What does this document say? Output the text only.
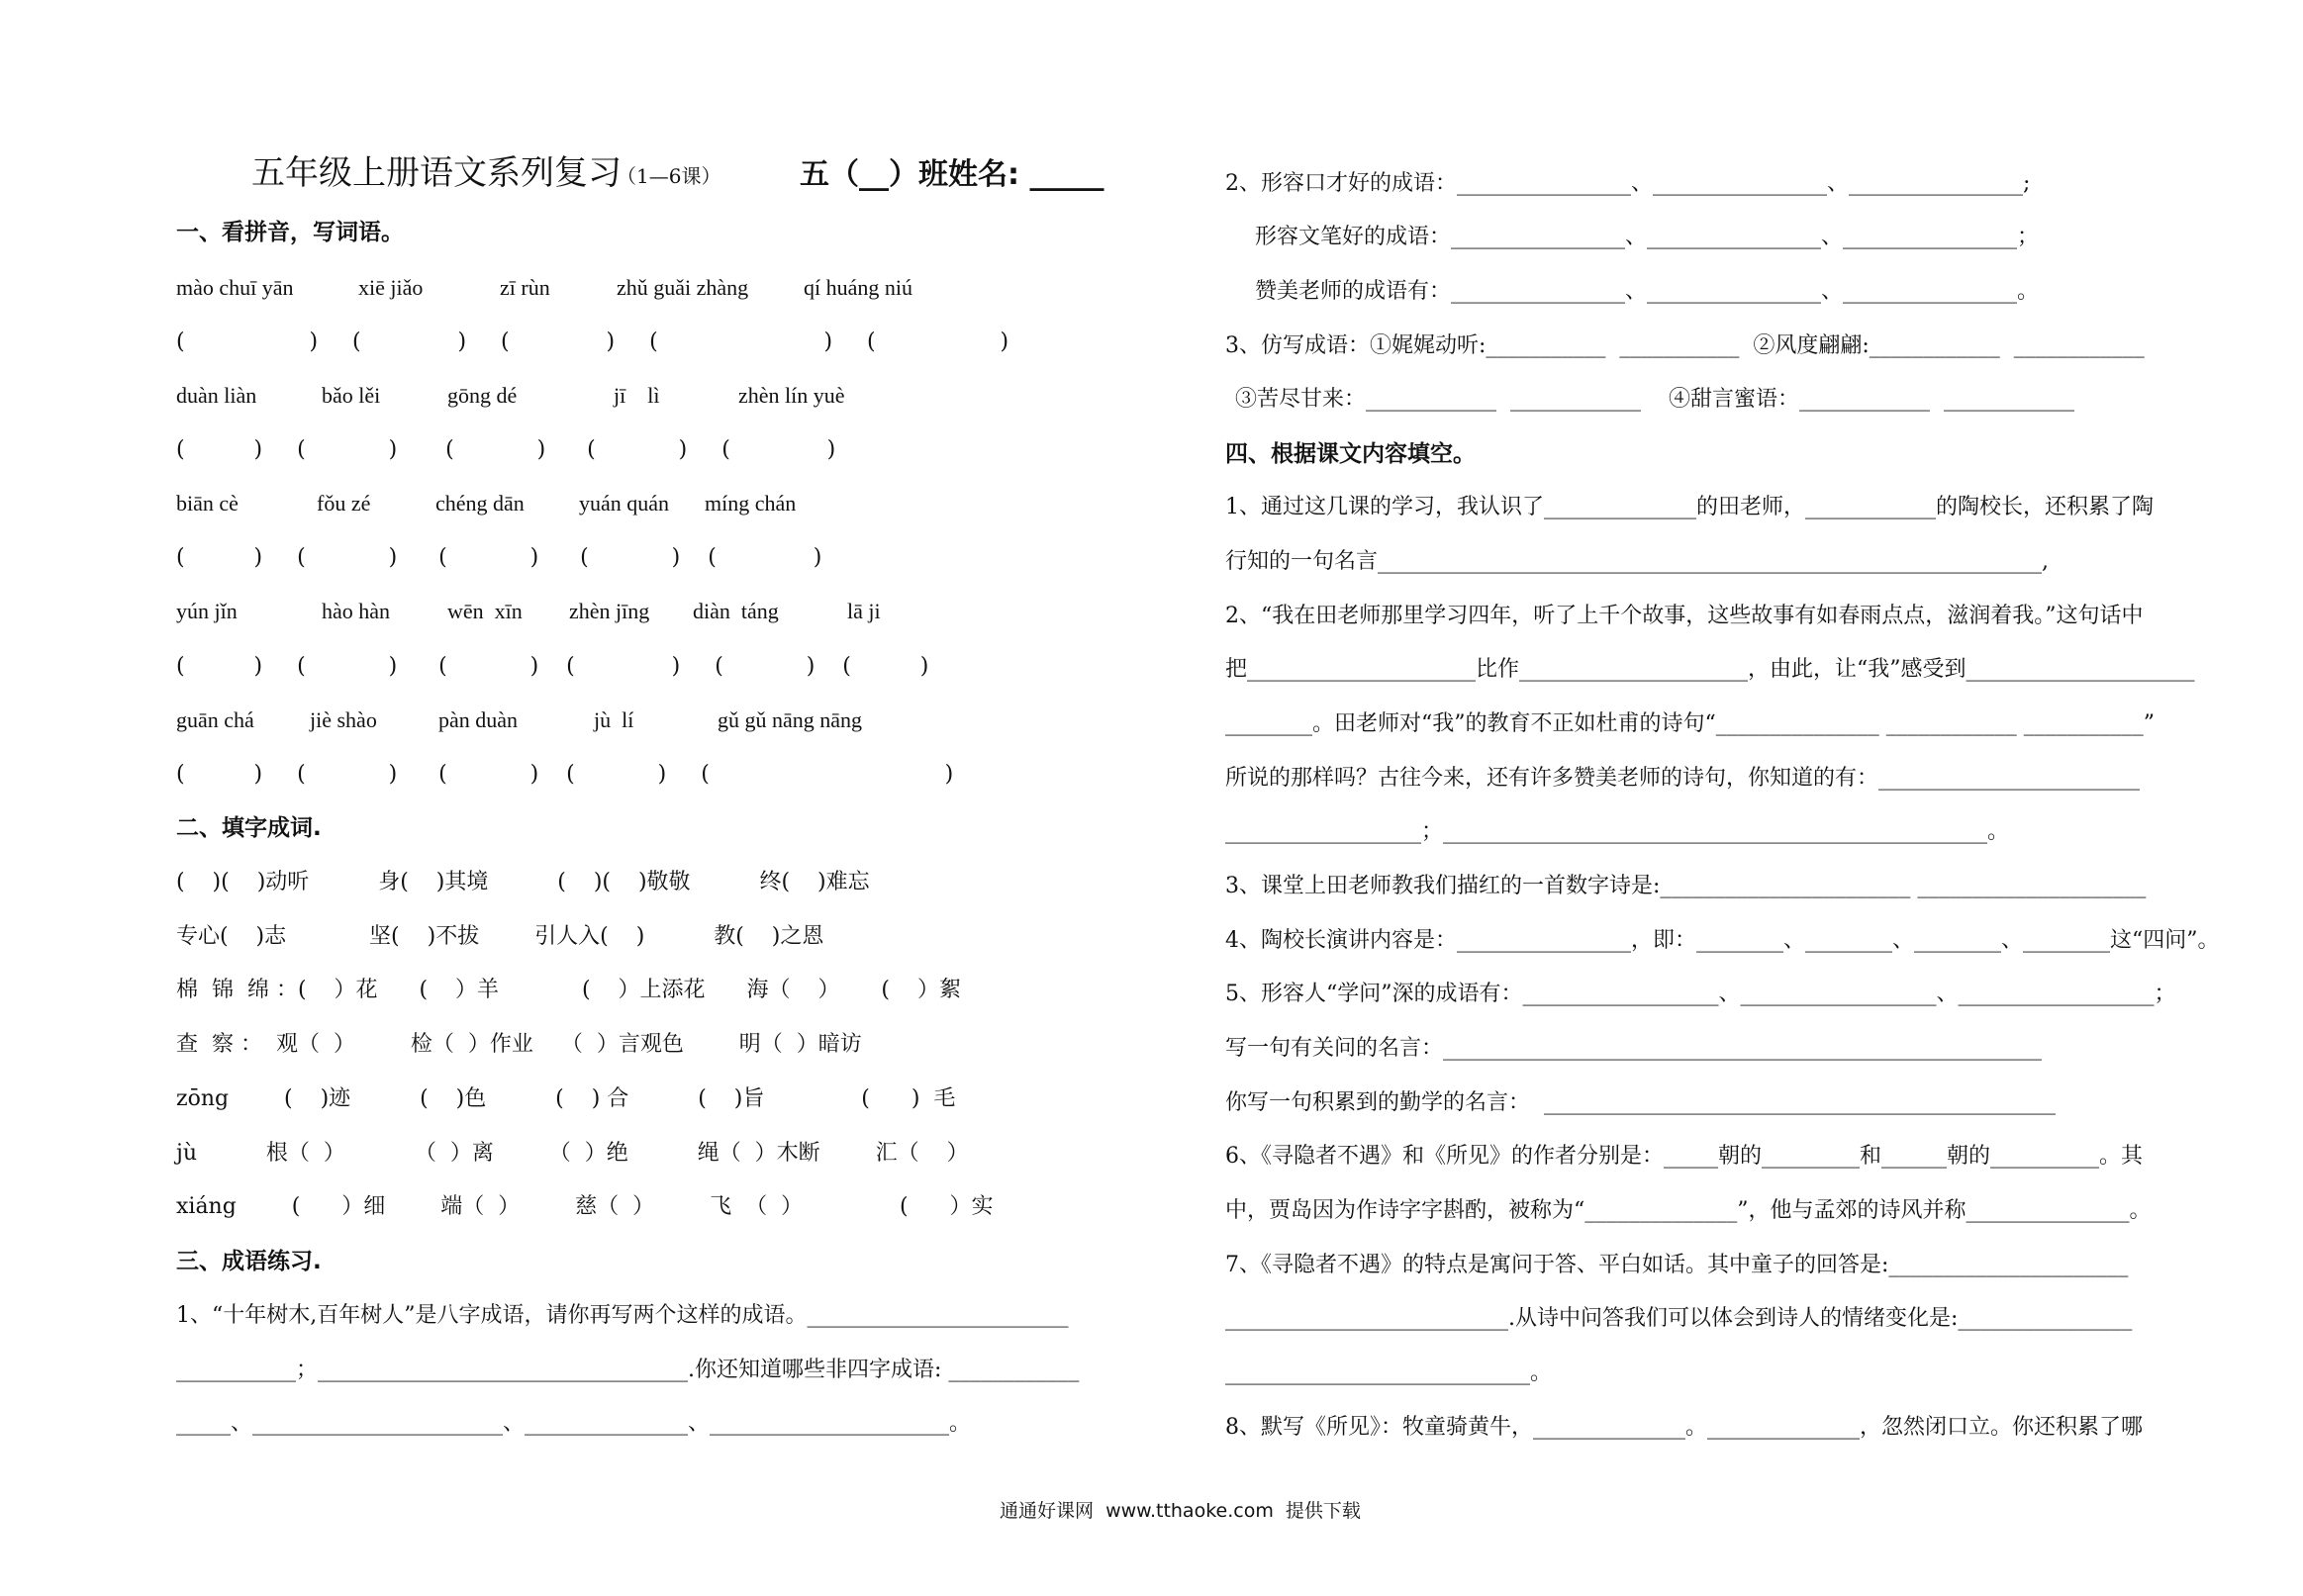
五年级上册语文系列复习
（1—6课）	五（__）班 姓名: _____
一、看拼音，写词语。
mào chuī yān	xiē jiǎo	zī rùn	zhǔ guǎi zhàng	qí huáng niú
(                  )     (              )     (              )     (                        )     (                  )
duàn liàn	bǎo lěi	gōng dé	jī    lì	zhèn lín yuè
(          )     (            )       (            )      (            )     (              )
biān cè	fǒu zé	chéng dān	yuán quán míng chán
(          )     (            )      (            )      (            )    (              )
yún jǐn	hào hàn	wēn  xīn zhèn jīng diàn  táng	lā ji
(          )     (            )      (            )    (              )     (            )    (          )
guān chá	jiè shào	pàn duàn	jù  lí	gǔ gǔ nāng nāng
(          )     (            )      (            )    (            )     (                                  )
二、填字成词.
(    )(    )动听          身(    )其境          (    )(    )敬敬          终(    )难忘
专心(    )志            坚(    )不拔        引人入(    )          教(    )之恩
棉  锦  绵 ：(    ）花      (    ）羊            (    ）上添花      海（    ）      (    ）絮
查  察 ：  观（  ）        检（  ）作业    （  ）言观色        明（  ）暗访
zōng        (    )迹          (    )色          (    ) 合          (    )旨              (      )  毛
jù          根（  ）          （  ）离        （  ）绝          绳（  ）木断        汇（    ）
xiáng        (      ）细        端（  ）        慈（  ）        飞  （  ）              (      ）实
三、成语练习.
1、“十年树木,百年树人”是八字成语，请你再写两个这样的成语。________________________
___________；__________________________________.你还知道哪些非四字成语: ____________
_____、_______________________、_______________、______________________。
2、形容口才好的成语：________________、________________、________________;
形容文笔好的成语：________________、________________、________________；
赞美老师的成语有：________________、________________、________________。
3、仿写成语：①娓娓动听:___________  ___________  ②风度翩翩:____________  ____________
③苦尽甘来：____________  ____________    ④甜言蜜语：____________  ____________
四、根据课文内容填空。
1、通过这几课的学习，我认识了______________的田老师，____________的陶校长，还积累了陶
行知的一句名言_____________________________________________________________,
2、“我在田老师那里学习四年，听了上千个故事，这些故事有如春雨点点，滋润着我。”这句话中
把_____________________比作_____________________，由此，让“我”感受到_____________________
________。田老师对“我”的教育不正如杜甫的诗句“_______________ ____________ ___________”
所说的那样吗？古往今来，还有许多赞美老师的诗句，你知道的有：________________________
__________________；__________________________________________________。
3、课堂上田老师教我们描红的一首数字诗是:_______________________ _____________________
4、陶校长演讲内容是：________________，即：________、________、________、________这“四问”。
5、形容人“学问”深的成语有：__________________、__________________、__________________；
写一句有关问的名言：_______________________________________________________
你写一句积累到的勤学的名言：  _______________________________________________
6、《寻隐者不遇》和《所见》的作者分别是：_____朝的_________和______朝的__________。其
中，贾岛因为作诗字字斟酌，被称为“______________”，他与孟郊的诗风并称_______________。
7、《寻隐者不遇》的特点是寓问于答、平白如话。其中童子的回答是:______________________
__________________________.从诗中问答我们可以体会到诗人的情绪变化是:________________
____________________________。
8、默写《所见》：牧童骑黄牛，______________。______________，忽然闭口立。你还积累了哪
通通好课网  www.tthaoke.com  提供下载
